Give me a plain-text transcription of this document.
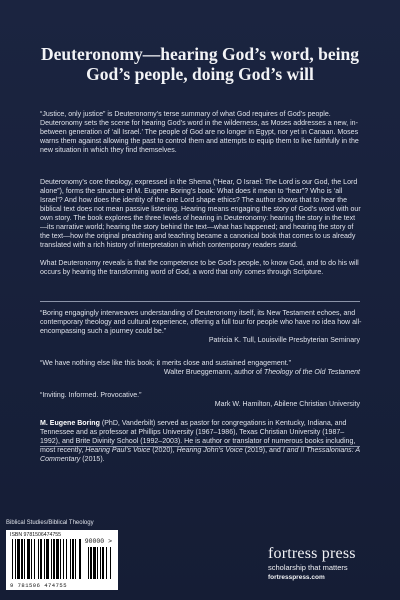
Deuteronomy—hearing God’s word, being God’s people, doing God’s will

“Justice, only justice” is Deuteronomy’s terse summary of what God requires of God’s people. Deuteronomy sets the scene for hearing God’s word in the wilderness, as Moses addresses a new, in-between generation of ‘all Israel.’ The people of God are no longer in Egypt, nor yet in Canaan. Moses warns them against allowing the past to control them and attempts to equip them to live faithfully in the new situation in which they find themselves.

Deuteronomy’s core theology, expressed in the Shema (“Hear, O Israel: The Lord is our God, the Lord alone”), forms the structure of M. Eugene Boring’s book: What does it mean to “hear”? Who is ‘all Israel’? And how does the identity of the one Lord shape ethics? The author shows that to hear the biblical text does not mean passive listening. Hearing means engaging the story of God’s word with our own story. The book explores the three levels of hearing in Deuteronomy: hearing the story in the text—its narrative world; hearing the story behind the text—what has happened; and hearing the story of the text—how the original preaching and teaching became a canonical book that comes to us already translated with a rich history of interpretation in which contemporary readers stand.

What Deuteronomy reveals is that the competence to be God’s people, to know God, and to do his will occurs by hearing the transforming word of God, a word that only comes through Scripture.

“Boring engagingly interweaves understanding of Deuteronomy itself, its New Testament echoes, and contemporary theology and cultural experience, offering a full tour for people who have no idea how all-encompassing such a journey could be.”
Patricia K. Tull, Louisville Presbyterian Seminary
“We have nothing else like this book; it merits close and sustained engagement.”
Walter Brueggemann, author of Theology of the Old Testament
“Inviting. Informed. Provocative.”
Mark W. Hamilton, Abilene Christian University

M. Eugene Boring (PhD, Vanderbilt) served as pastor for congregations in Kentucky, Indiana, and Tennessee and as professor at Phillips University (1967–1986), Texas Christian University (1987–1992), and Brite Divinity School (1992–2003). He is author or translator of numerous books including, most recently, Hearing Paul’s Voice (2020), Hearing John’s Voice (2019), and I and II Thessalonians: A Commentary (2015).

Biblical Studies/Biblical Theology
ISBN 9781506474755
90000 >
9 781506 474755
fortress press
scholarship that matters
fortresspress.com
